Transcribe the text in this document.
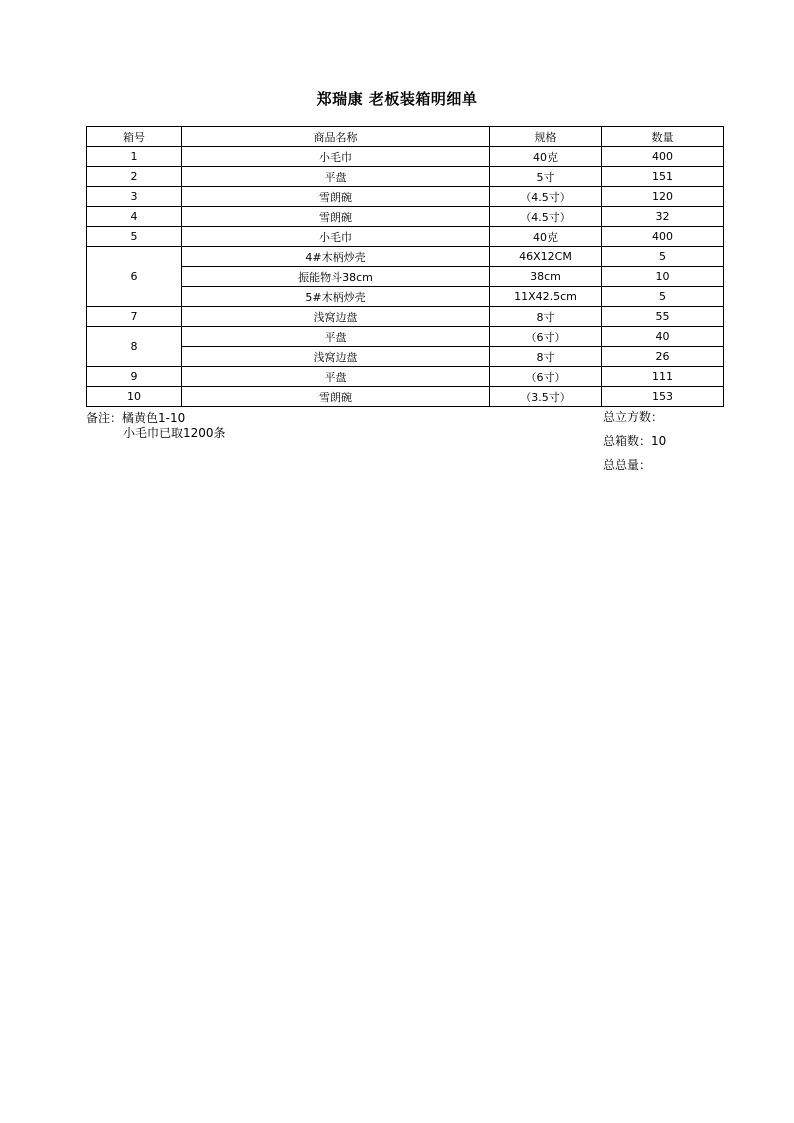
郑瑞康 老板装箱明细单
箱号	商品名称	规格	数量
1	小毛巾	40克	400
2	平盘	5寸	151
3	雪朗碗	（4.5寸）	120
4	雪朗碗	（4.5寸）	32
5	小毛巾	40克	400
6	4#木柄炒壳	46X12CM	5
	振能物斗38cm	38cm	10
	5#木柄炒壳	11X42.5cm	5
7	浅窝边盘	8寸	55
8	平盘	（6寸）	40
	浅窝边盘	8寸	26
9	平盘	（6寸）	111
10	雪朗碗	（3.5寸）	153
备注：橘黄色1-10
小毛巾已取1200条
总立方数：
总箱数：10
总总量：
